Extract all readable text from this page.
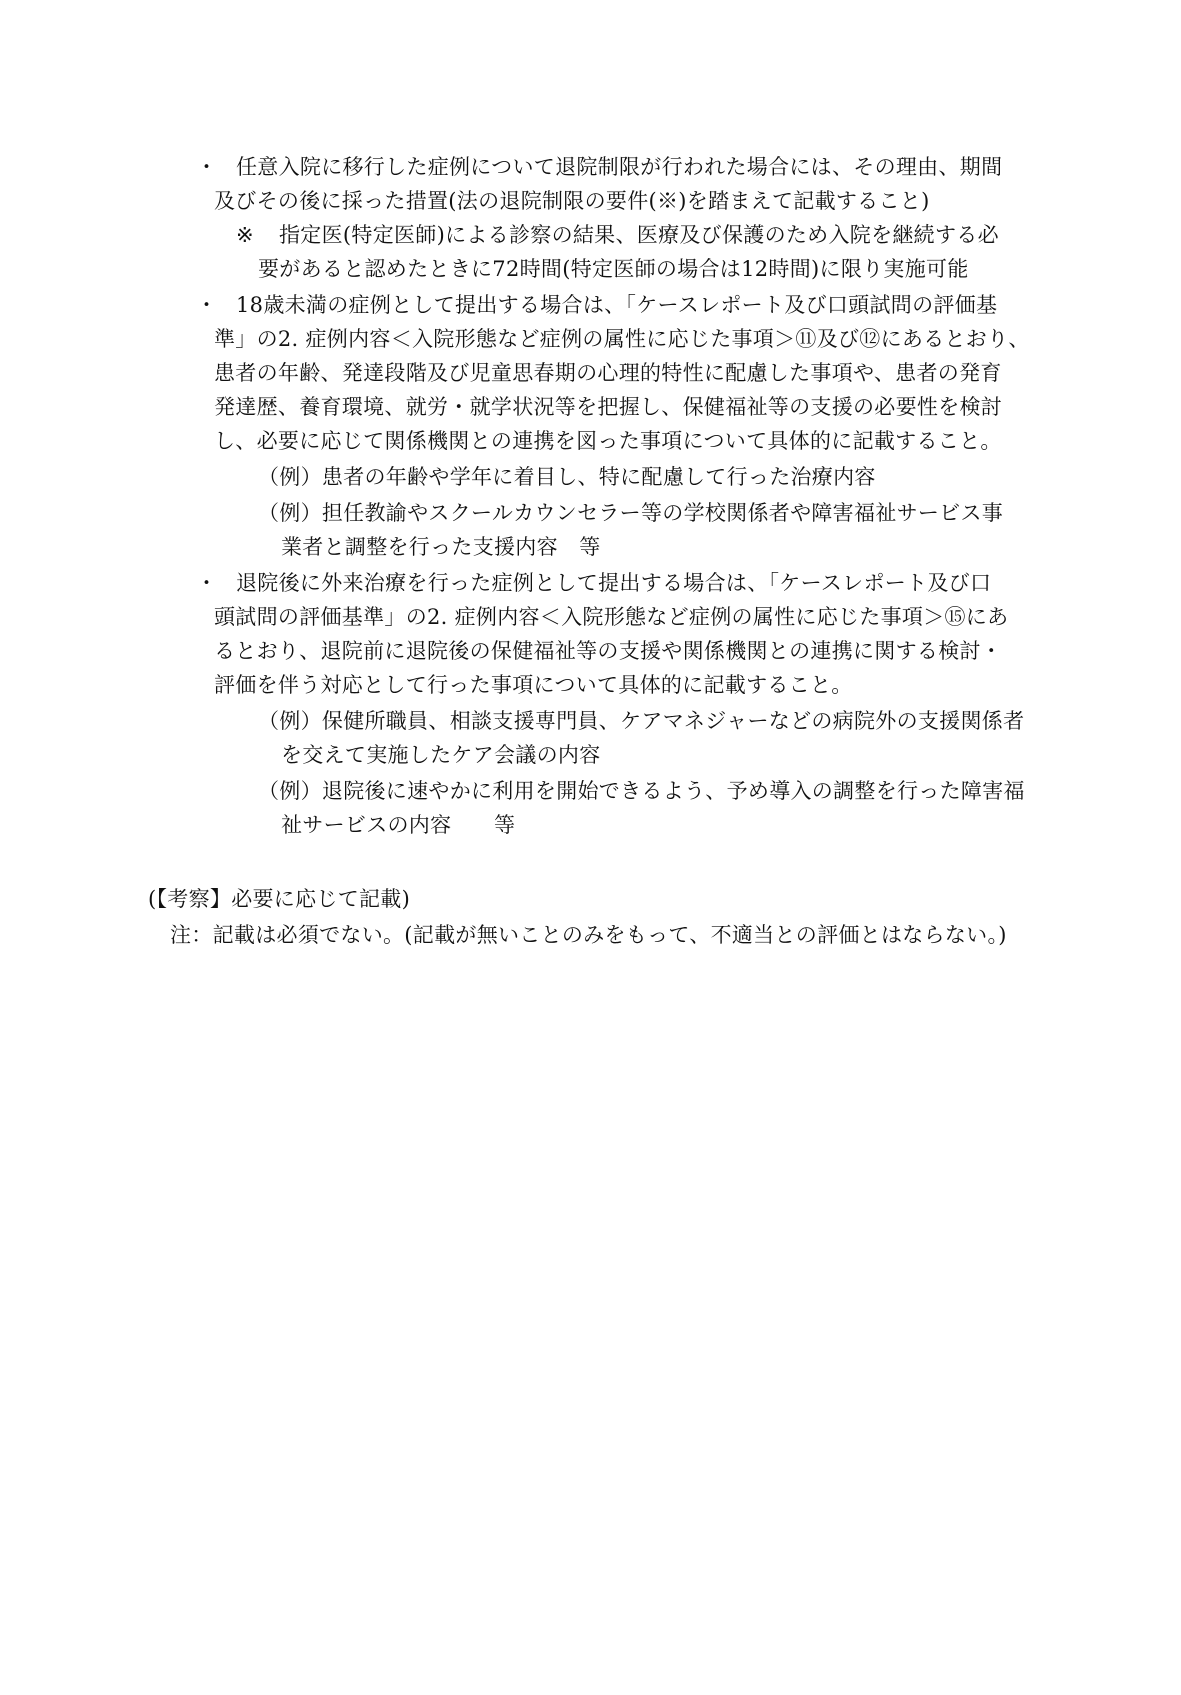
・ 任意入院に移行した症例について退院制限が行われた場合には、その理由、期間
及びその後に採った措置(法の退院制限の要件(※)を踏まえて記載すること)
※ 指定医(特定医師)による診察の結果、医療及び保護のため入院を継続する必
要があると認めたときに72時間(特定医師の場合は12時間)に限り実施可能
・ 18歳未満の症例として提出する場合は、「ケースレポート及び口頭試問の評価基
準」の2. 症例内容＜入院形態など症例の属性に応じた事項＞⑪及び⑫にあるとおり、
患者の年齢、発達段階及び児童思春期の心理的特性に配慮した事項や、患者の発育
発達歴、養育環境、就労・就学状況等を把握し、保健福祉等の支援の必要性を検討
し、必要に応じて関係機関との連携を図った事項について具体的に記載すること。
（例）患者の年齢や学年に着目し、特に配慮して行った治療内容
（例）担任教諭やスクールカウンセラー等の学校関係者や障害福祉サービス事
業者と調整を行った支援内容　等
・ 退院後に外来治療を行った症例として提出する場合は、「ケースレポート及び口
頭試問の評価基準」の2. 症例内容＜入院形態など症例の属性に応じた事項＞⑮にあ
るとおり、退院前に退院後の保健福祉等の支援や関係機関との連携に関する検討・
評価を伴う対応として行った事項について具体的に記載すること。
（例）保健所職員、相談支援専門員、ケアマネジャーなどの病院外の支援関係者
を交えて実施したケア会議の内容
（例）退院後に速やかに利用を開始できるよう、予め導入の調整を行った障害福
祉サービスの内容　　等
(【考察】必要に応じて記載)
注：記載は必須でない。(記載が無いことのみをもって、不適当との評価とはならない。)
